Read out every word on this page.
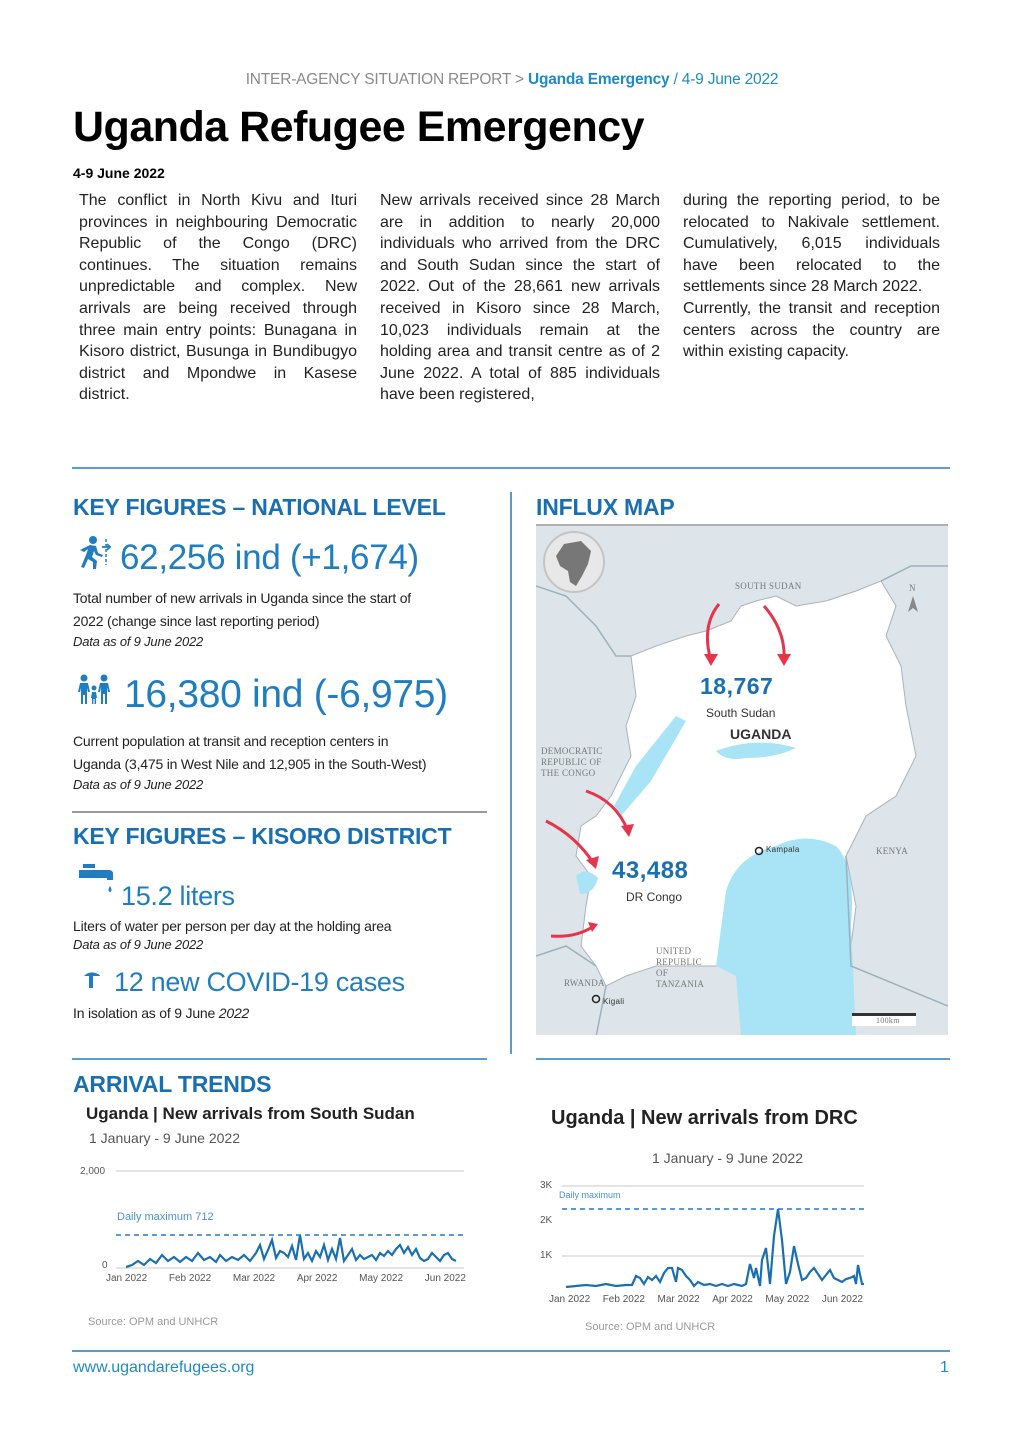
INTER-AGENCY SITUATION REPORT > Uganda Emergency / 4-9 June 2022
Uganda Refugee Emergency
4-9 June 2022

The conflict in North Kivu and Ituri provinces in neighbouring Democratic Republic of the Congo (DRC) continues. The situation remains unpredictable and complex. New arrivals are being received through three main entry points: Bunagana in Kisoro district, Busunga in Bundibugyo district and Mpondwe in Kasese district.

New arrivals received since 28 March are in addition to nearly 20,000 individuals who arrived from the DRC and South Sudan since the start of 2022. Out of the 28,661 new arrivals received in Kisoro since 28 March, 10,023 individuals remain at the holding area and transit centre as of 2 June 2022. A total of 885 individuals have been registered,

during the reporting period, to be relocated to Nakivale settlement. Cumulatively, 6,015 individuals have been relocated to the settlements since 28 March 2022.

Currently, the transit and reception centers across the country are within existing capacity.

KEY FIGURES – NATIONAL LEVEL
62,256 ind (+1,674)
Total number of new arrivals in Uganda since the start of
2022 (change since last reporting period)
Data as of 9 June 2022
16,380 ind (-6,975)
Current population at transit and reception centers in
Uganda (3,475 in West Nile and 12,905 in the South-West)
Data as of 9 June 2022
KEY FIGURES – KISORO DISTRICT
15.2 liters
Liters of water per person per day at the holding area
Data as of 9 June 2022
12 new COVID-19 cases
In isolation as of 9 June 2022
INFLUX MAP
SOUTH SUDAN
DEMOCRATIC REPUBLIC OF THE CONGO
KENYA
UNITED REPUBLIC OF TANZANIA
RWANDA
Kampala
Kigali
N
100km
18,767
South Sudan
UGANDA
43,488
DR Congo
ARRIVAL TRENDS
Uganda | New arrivals from South Sudan
1 January - 9 June 2022
2,000
0
Daily maximum 712
Jan 2022 Feb 2022 Mar 2022 Apr 2022 May 2022 Jun 2022
Source: OPM and UNHCR
Uganda | New arrivals from DRC
1 January - 9 June 2022
3K
2K
1K
Daily maximum
Jan 2022 Feb 2022 Mar 2022 Apr 2022 May 2022 Jun 2022
Source: OPM and UNHCR
www.ugandarefugees.org	1
